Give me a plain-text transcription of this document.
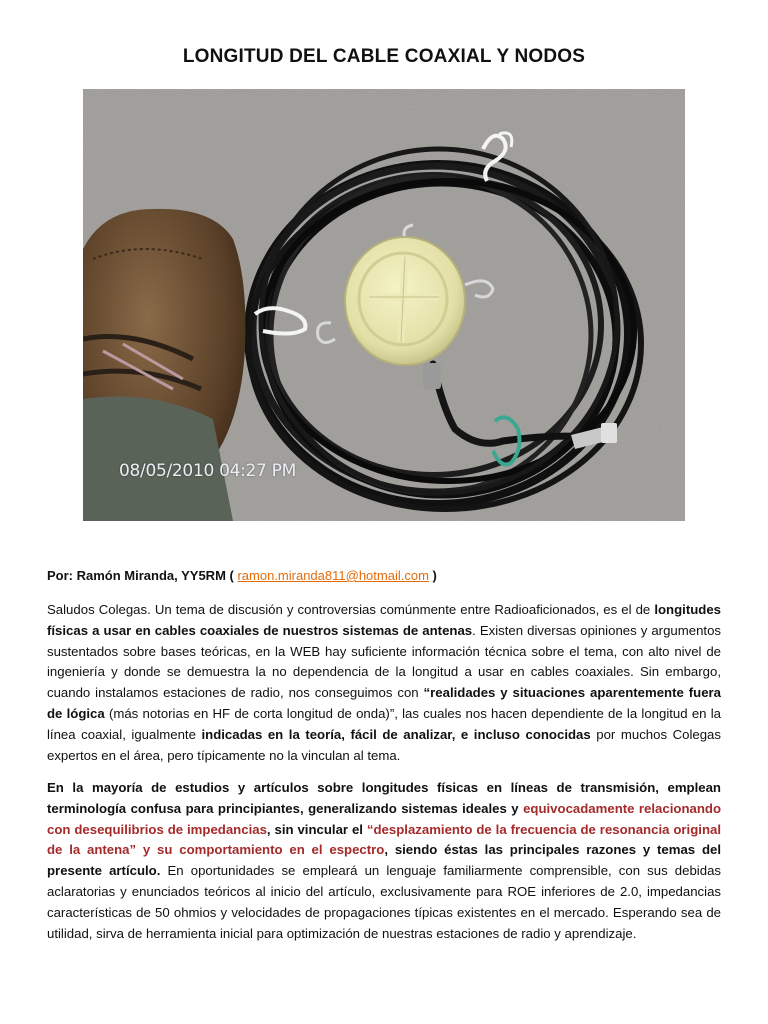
LONGITUD DEL CABLE COAXIAL Y NODOS
08/05/2010 04:27 PM
Por: Ramón Miranda, YY5RM ( ramon.miranda811@hotmail.com )
Saludos Colegas. Un tema de discusión y controversias comúnmente entre Radioaficionados, es el de longitudes físicas a usar en cables coaxiales de nuestros sistemas de antenas. Existen diversas opiniones y argumentos sustentados sobre bases teóricas, en la WEB hay suficiente información técnica sobre el tema, con alto nivel de ingeniería y donde se demuestra la no dependencia de la longitud a usar en cables coaxiales. Sin embargo, cuando instalamos estaciones de radio, nos conseguimos con “realidades y situaciones aparentemente fuera de lógica (más notorias en HF de corta longitud de onda)”, las cuales nos hacen dependiente de la longitud en la línea coaxial, igualmente indicadas en la teoría, fácil de analizar, e incluso conocidas por muchos Colegas expertos en el área, pero típicamente no la vinculan al tema.
En la mayoría de estudios y artículos sobre longitudes físicas en líneas de transmisión, emplean terminología confusa para principiantes, generalizando sistemas ideales y equivocadamente relacionando con desequilibrios de impedancias, sin vincular el “desplazamiento de la frecuencia de resonancia original de la antena” y su comportamiento en el espectro, siendo éstas las principales razones y temas del presente artículo. En oportunidades se empleará un lenguaje familiarmente comprensible, con sus debidas aclaratorias y enunciados teóricos al inicio del artículo, exclusivamente para ROE inferiores de 2.0, impedancias características de 50 ohmios y velocidades de propagaciones típicas existentes en el mercado. Esperando sea de utilidad, sirva de herramienta inicial para optimización de nuestras estaciones de radio y aprendizaje.
